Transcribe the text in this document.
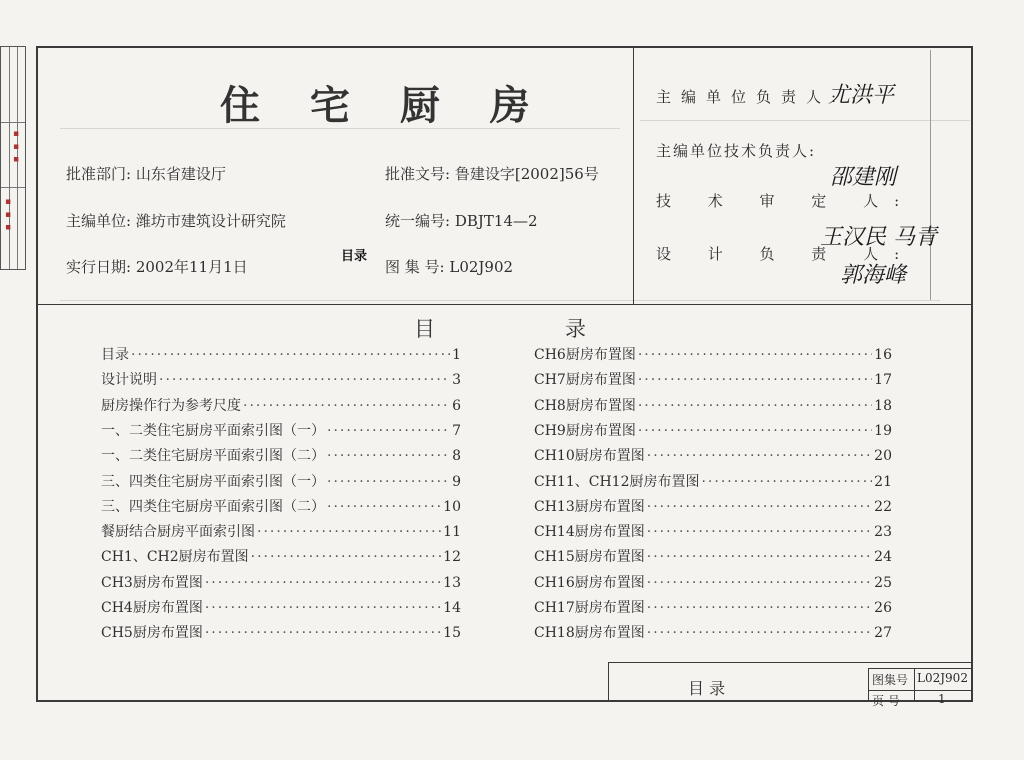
▪ ▪ ▪
▪ ▪ ▪
住 宅 厨 房
批准部门: 山东省建设厅
主编单位: 潍坊市建筑设计研究院
实行日期: 2002年11月1日
批准文号: 鲁建设字[2002]56号
统一编号: DBJT14—2
图 集 号: L02J902
目录
主编单位负责人:
尤洪平
主编单位技术负责人:
邵建刚
技 术 审 定 人:
王汉民 马青
设 计 负 责 人:
郭海峰
目	录
目录 ·····	1
设计说明 ·····	3
厨房操作行为参考尺度 ·····	6
一、二类住宅厨房平面索引图（一） ·····	7
一、二类住宅厨房平面索引图（二） ·····	8
三、四类住宅厨房平面索引图（一） ·····	9
三、四类住宅厨房平面索引图（二） ·····	10
餐厨结合厨房平面索引图 ·····	11
CH1、CH2厨房布置图 ·····	12
CH3厨房布置图 ·····	13
CH4厨房布置图 ·····	14
CH5厨房布置图 ·····	15
CH6厨房布置图 ·····	16
CH7厨房布置图 ·····	17
CH8厨房布置图 ·····	18
CH9厨房布置图 ·····	19
CH10厨房布置图 ·····	20
CH11、CH12厨房布置图 ·····	21
CH13厨房布置图 ·····	22
CH14厨房布置图 ·····	23
CH15厨房布置图 ·····	24
CH16厨房布置图 ·····	25
CH17厨房布置图 ·····	26
CH18厨房布置图 ·····	27
目 录	图集号 L02J902
页 号	1
